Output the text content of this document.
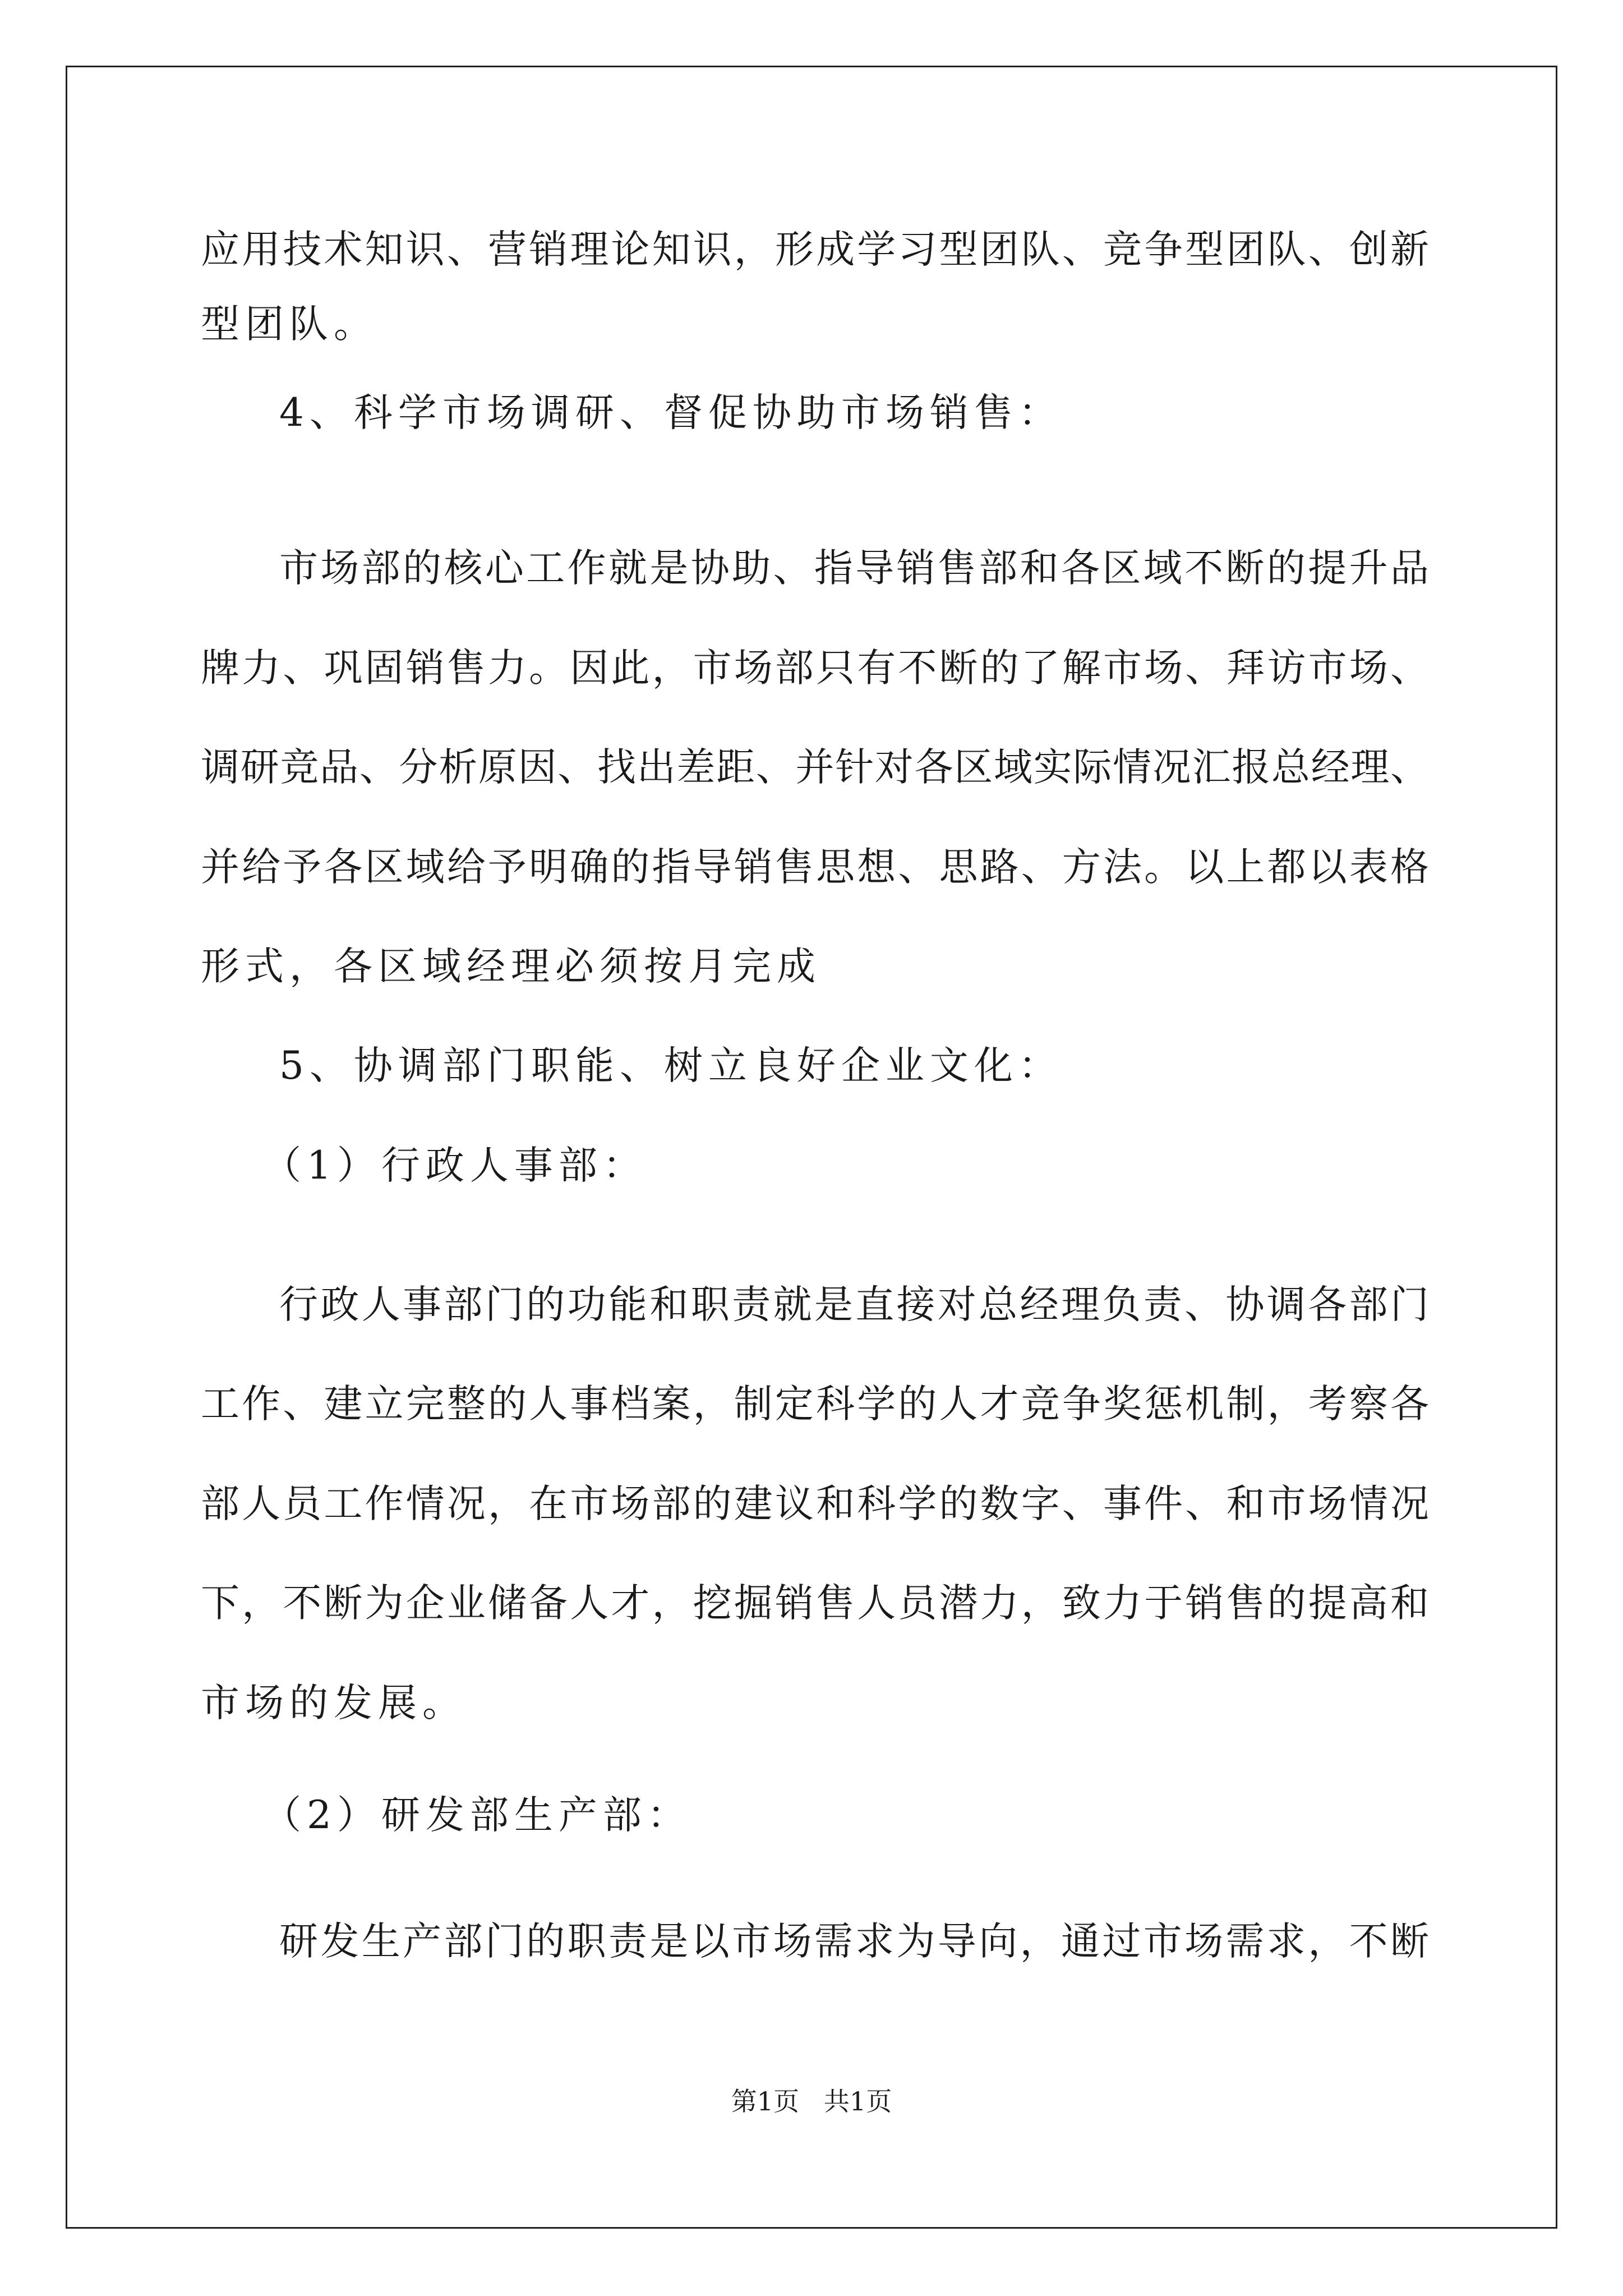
应用技术知识、营销理论知识，形成学习型团队、竞争型团队、创新

型团队。

4、科学市场调研、督促协助市场销售：

市场部的核心工作就是协助、指导销售部和各区域不断的提升品

牌力、巩固销售力。因此，市场部只有不断的了解市场、拜访市场、

调研竞品、分析原因、找出差距、并针对各区域实际情况汇报总经理、

并给予各区域给予明确的指导销售思想、思路、方法。以上都以表格

形式，各区域经理必须按月完成

5、协调部门职能、树立良好企业文化：

（1）行政人事部：

行政人事部门的功能和职责就是直接对总经理负责、协调各部门

工作、建立完整的人事档案，制定科学的人才竞争奖惩机制，考察各

部人员工作情况，在市场部的建议和科学的数字、事件、和市场情况

下，不断为企业储备人才，挖掘销售人员潜力，致力于销售的提高和

市场的发展。

（2）研发部生产部：

研发生产部门的职责是以市场需求为导向，通过市场需求，不断

第1页   共1页
